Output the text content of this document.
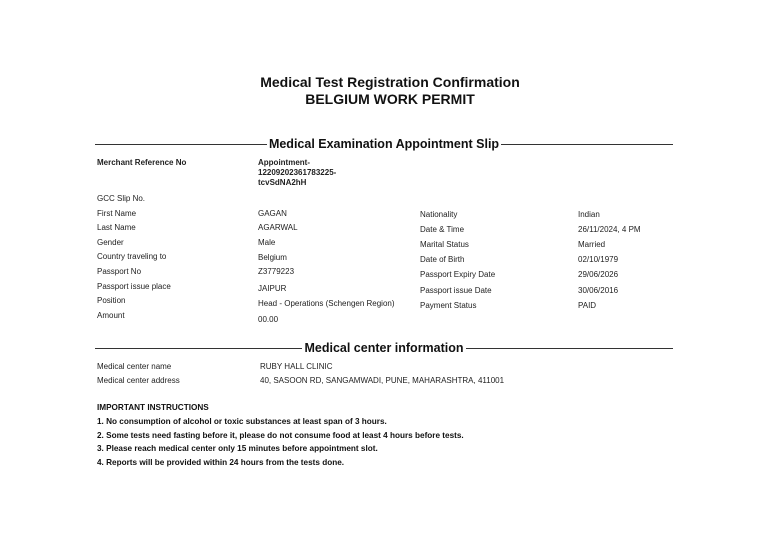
Medical Test Registration Confirmation
BELGIUM WORK PERMIT
Medical Examination Appointment Slip
Merchant Reference No	Appointment-
12209202361783225-
tcvSdNA2hH
GCC Slip No.
First Name	GAGAN
Last Name	AGARWAL
Gender	Male
Country traveling to	Belgium
Passport No	Z3779223
Passport issue place	JAIPUR
Position	Head - Operations (Schengen Region)
Amount	00.00
Nationality	Indian
Date & Time	26/11/2024, 4 PM
Marital Status	Married
Date of Birth	02/10/1979
Passport Expiry Date	29/06/2026
Passport issue Date	30/06/2016
Payment Status	PAID
Medical center information
Medical center name	RUBY HALL CLINIC
Medical center address	40, SASOON RD, SANGAMWADI, PUNE, MAHARASHTRA, 411001
IMPORTANT INSTRUCTIONS
1. No consumption of alcohol or toxic substances at least span of 3 hours.
2. Some tests need fasting before it, please do not consume food at least 4 hours before tests.
3. Please reach medical center only 15 minutes before appointment slot.
4. Reports will be provided within 24 hours from the tests done.
